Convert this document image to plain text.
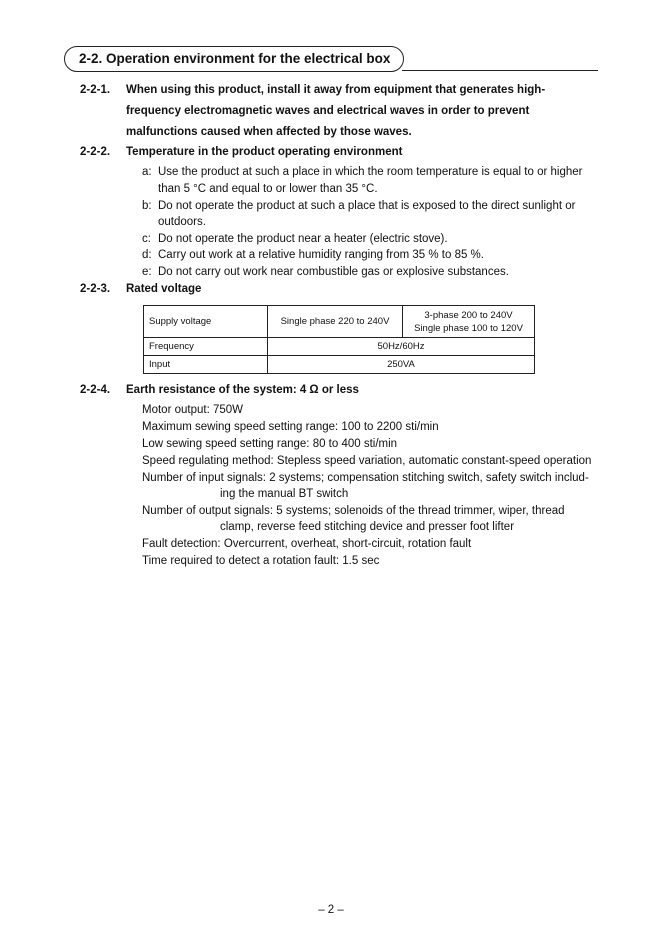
2-2. Operation environment for the electrical box
2-2-1. When using this product, install it away from equipment that generates high-
frequency electromagnetic waves and electrical waves in order to prevent
malfunctions caused when affected by those waves.
2-2-2. Temperature in the product operating environment
a: Use the product at such a place in which the room temperature is equal to or higher
than 5 °C and equal to or lower than 35 °C.
b: Do not operate the product at such a place that is exposed to the direct sunlight or
outdoors.
c: Do not operate the product near a heater (electric stove).
d: Carry out work at a relative humidity ranging from 35 % to 85 %.
e: Do not carry out work near combustible gas or explosive substances.
2-2-3. Rated voltage
Supply voltage	Single phase 220 to 240V	3-phase 200 to 240V
Single phase 100 to 120V

Frequency	50Hz/60Hz	
Input	250VA	
2-2-4. Earth resistance of the system: 4 Ω or less
Motor output: 750W
Maximum sewing speed setting range: 100 to 2200 sti/min
Low sewing speed setting range: 80 to 400 sti/min
Speed regulating method: Stepless speed variation, automatic constant-speed operation
Number of input signals: 2 systems; compensation stitching switch, safety switch includ-
ing the manual BT switch
Number of output signals: 5 systems; solenoids of the thread trimmer, wiper, thread
clamp, reverse feed stitching device and presser foot lifter
Fault detection: Overcurrent, overheat, short-circuit, rotation fault
Time required to detect a rotation fault: 1.5 sec
– 2 –
